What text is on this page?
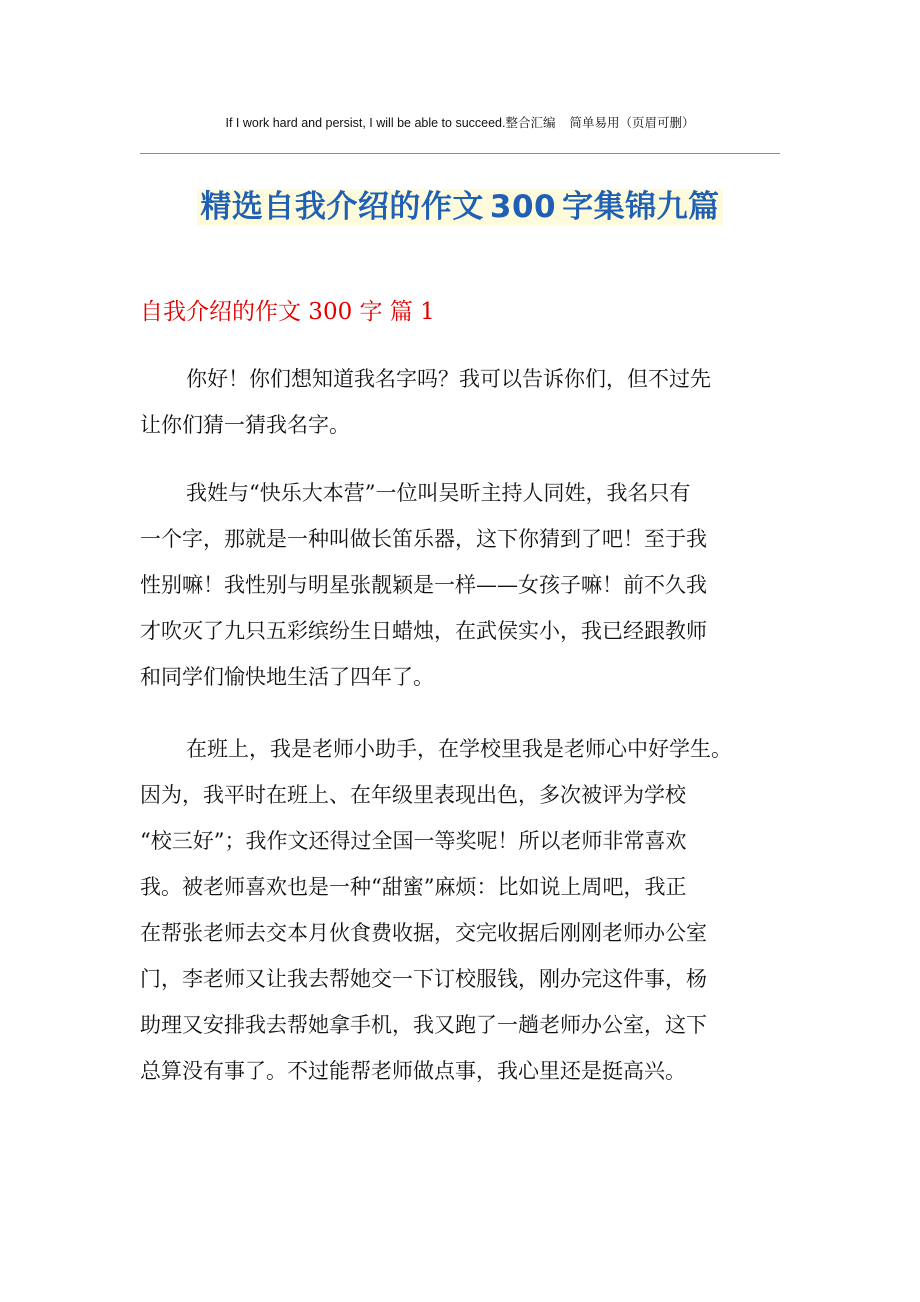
If I work hard and persist, I will be able to succeed.整合汇编 简单易用（页眉可删）
精选自我介绍的作文 300 字集锦九篇
自我介绍的作文 300 字 篇 1
你好！你们想知道我名字吗？我可以告诉你们，但不过先
让你们猜一猜我名字。
我姓与“快乐大本营”一位叫吴昕主持人同姓，我名只有
一个字，那就是一种叫做长笛乐器，这下你猜到了吧！至于我
性别嘛！我性别与明星张靓颖是一样——女孩子嘛！前不久我
才吹灭了九只五彩缤纷生日蜡烛，在武侯实小，我已经跟教师
和同学们愉快地生活了四年了。
在班上，我是老师小助手，在学校里我是老师心中好学生。
因为，我平时在班上、在年级里表现出色，多次被评为学校
“校三好”；我作文还得过全国一等奖呢！所以老师非常喜欢
我。被老师喜欢也是一种“甜蜜”麻烦：比如说上周吧，我正
在帮张老师去交本月伙食费收据，交完收据后刚刚老师办公室
门，李老师又让我去帮她交一下订校服钱，刚办完这件事，杨
助理又安排我去帮她拿手机，我又跑了一趟老师办公室，这下
总算没有事了。不过能帮老师做点事，我心里还是挺高兴。
